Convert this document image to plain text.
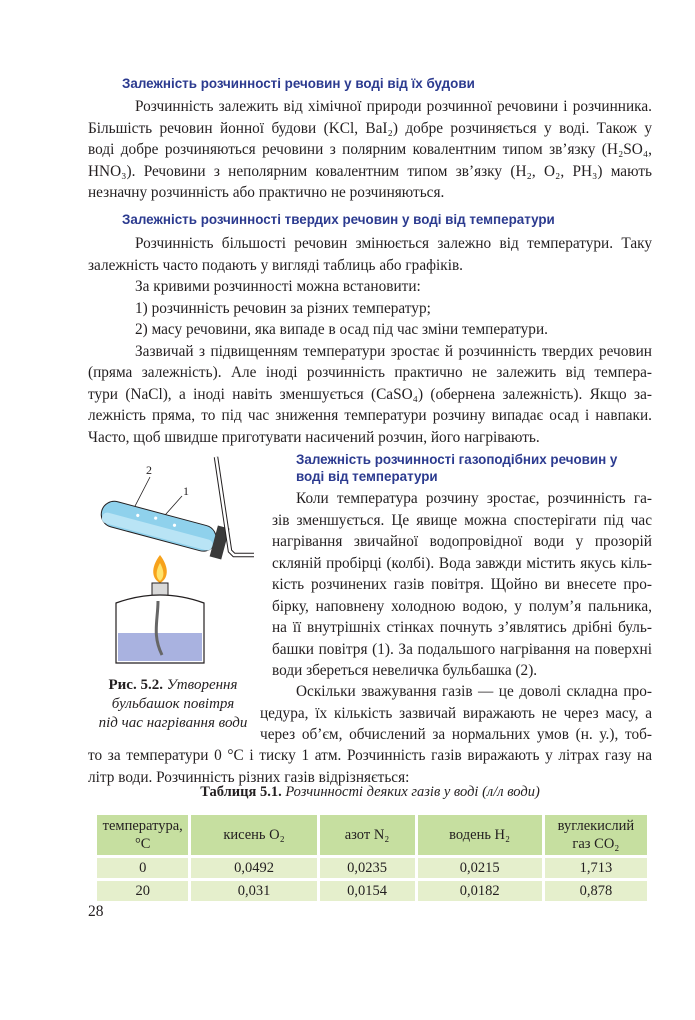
Залежність розчинності речовин у воді від їх будови
Розчинність залежить від хімічної природи розчинної речовини і розчинника.
Більшість речовин йонної будови (KCl, BaI₂) добре розчиняється у воді. Також у
воді добре розчиняються речовини з полярним ковалентним типом зв’язку (H₂SO₄,
HNO₃). Речовини з неполярним ковалентним типом зв’язку (H₂, O₂, PH₃) мають
незначну розчинність або практично не розчиняються.
Залежність розчинності твердих речовин у воді від температури
Розчинність більшості речовин змінюється залежно від температури. Таку
залежність часто подають у вигляді таблиць або графіків.
За кривими розчинності можна встановити:
1) розчинність речовин за різних температур;
2) масу речовини, яка випаде в осад під час зміни температури.
Зазвичай з підвищенням температури зростає й розчинність твердих речовин
(пряма залежність). Але іноді розчинність практично не залежить від темпера-
тури (NaCl), а іноді навіть зменшується (CaSO₄) (обернена залежність). Якщо за-
лежність пряма, то під час зниження температури розчину випадає осад і навпаки.
Часто, щоб швидше приготувати насичений розчин, його нагрівають.
2
1
Рис. 5.2. Утворення
бульбашок повітря
під час нагрівання води
Залежність розчинності газоподібних речовин у
воді від температури
Коли температура розчину зростає, розчинність га-
зів зменшується. Це явище можна спостерігати під час
нагрівання звичайної водопровідної води у прозорій
скляній пробірці (колбі). Вода завжди містить якусь кіль-
кість розчинених газів повітря. Щойно ви внесете про-
бірку, наповнену холодною водою, у полум’я пальника,
на її внутрішніх стінках почнуть з’являтись дрібні буль-
башки повітря (1). За подальшого нагрівання на поверхні
води збереться невеличка бульбашка (2).
Оскільки зважування газів — це доволі складна про-
цедура, їх кількість зазвичай виражають не через масу, а
через об’єм, обчислений за нормальних умов (н. у.), тоб-
то за температури 0 °С і тиску 1 атм. Розчинність газів виражають у літрах газу на
літр води. Розчинність різних газів відрізняється:
Таблиця 5.1. Розчинності деяких газів у воді (л/л води)
температура, °С	кисень O₂	азот N₂	водень H₂	вуглекислий газ CO₂
0	0,0492	0,0235	0,0215	1,713
20	0,031	0,0154	0,0182	0,878
28
